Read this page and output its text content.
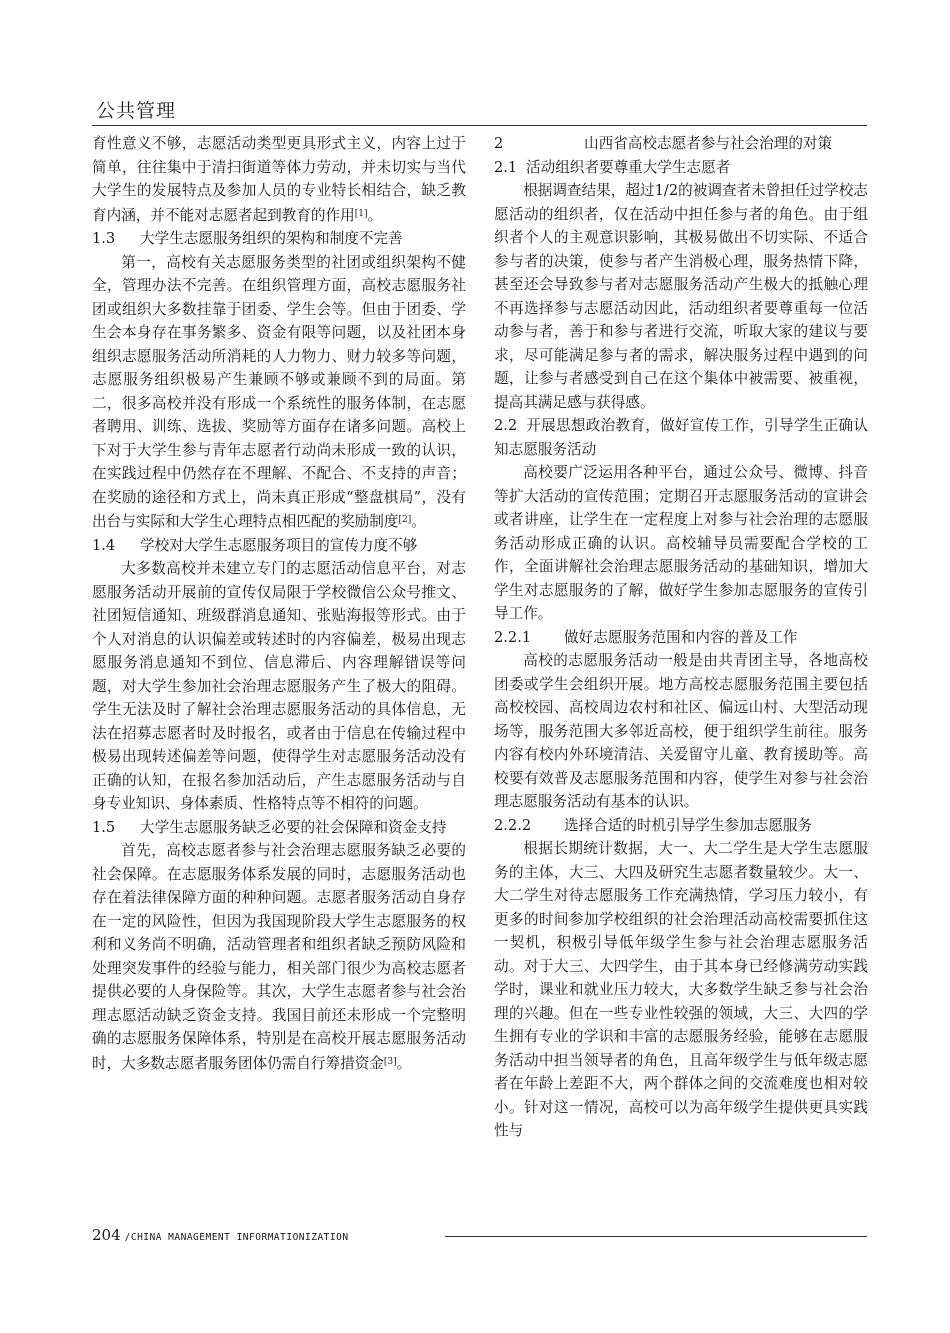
公共管理

育性意义不够，志愿活动类型更具形式主义，内容上过于简单，往往集中于清扫街道等体力劳动，并未切实与当代大学生的发展特点及参加人员的专业特长相结合，缺乏教育内涵，并不能对志愿者起到教育的作用[1]。

1.3 大学生志愿服务组织的架构和制度不完善

第一，高校有关志愿服务类型的社团或组织架构不健全，管理办法不完善。在组织管理方面，高校志愿服务社团或组织大多数挂靠于团委、学生会等。但由于团委、学生会本身存在事务繁多、资金有限等问题，以及社团本身组织志愿服务活动所消耗的人力物力、财力较多等问题，志愿服务组织极易产生兼顾不够或兼顾不到的局面。第二，很多高校并没有形成一个系统性的服务体制，在志愿者聘用、训练、选拔、奖励等方面存在诸多问题。高校上下对于大学生参与青年志愿者行动尚未形成一致的认识，在实践过程中仍然存在不理解、不配合、不支持的声音；在奖励的途径和方式上，尚未真正形成“整盘棋局”，没有出台与实际和大学生心理特点相匹配的奖励制度[2]。

1.4 学校对大学生志愿服务项目的宣传力度不够

大多数高校并未建立专门的志愿活动信息平台，对志愿服务活动开展前的宣传仅局限于学校微信公众号推文、社团短信通知、班级群消息通知、张贴海报等形式。由于个人对消息的认识偏差或转述时的内容偏差，极易出现志愿服务消息通知不到位、信息滞后、内容理解错误等问题，对大学生参加社会治理志愿服务产生了极大的阻碍。学生无法及时了解社会治理志愿服务活动的具体信息，无法在招募志愿者时及时报名，或者由于信息在传输过程中极易出现转述偏差等问题，使得学生对志愿服务活动没有正确的认知，在报名参加活动后，产生志愿服务活动与自身专业知识、身体素质、性格特点等不相符的问题。

1.5 大学生志愿服务缺乏必要的社会保障和资金支持

首先，高校志愿者参与社会治理志愿服务缺乏必要的社会保障。在志愿服务体系发展的同时，志愿服务活动也存在着法律保障方面的种种问题。志愿者服务活动自身存在一定的风险性，但因为我国现阶段大学生志愿服务的权利和义务尚不明确，活动管理者和组织者缺乏预防风险和处理突发事件的经验与能力，相关部门很少为高校志愿者提供必要的人身保险等。其次，大学生志愿者参与社会治理志愿活动缺乏资金支持。我国目前还未形成一个完整明确的志愿服务保障体系，特别是在高校开展志愿服务活动时，大多数志愿者服务团体仍需自行筹措资金[3]。

2	山西省高校志愿者参与社会治理的对策

2.1 活动组织者要尊重大学生志愿者

根据调查结果，超过1/2的被调查者未曾担任过学校志愿活动的组织者，仅在活动中担任参与者的角色。由于组织者个人的主观意识影响，其极易做出不切实际、不适合参与者的决策，使参与者产生消极心理，服务热情下降，甚至还会导致参与者对志愿服务活动产生极大的抵触心理不再选择参与志愿活动因此，活动组织者要尊重每一位活动参与者，善于和参与者进行交流，听取大家的建议与要求，尽可能满足参与者的需求，解决服务过程中遇到的问题，让参与者感受到自己在这个集体中被需要、被重视，提高其满足感与获得感。

2.2 开展思想政治教育，做好宣传工作，引导学生正确认知志愿服务活动

高校要广泛运用各种平台，通过公众号、微博、抖音等扩大活动的宣传范围；定期召开志愿服务活动的宣讲会或者讲座，让学生在一定程度上对参与社会治理的志愿服务活动形成正确的认识。高校辅导员需要配合学校的工作，全面讲解社会治理志愿服务活动的基础知识，增加大学生对志愿服务的了解，做好学生参加志愿服务的宣传引导工作。

2.2.1 做好志愿服务范围和内容的普及工作

高校的志愿服务活动一般是由共青团主导，各地高校团委或学生会组织开展。地方高校志愿服务范围主要包括高校校园、高校周边农村和社区、偏远山村、大型活动现场等，服务范围大多邻近高校，便于组织学生前往。服务内容有校内外环境清洁、关爱留守儿童、教育援助等。高校要有效普及志愿服务范围和内容，使学生对参与社会治理志愿服务活动有基本的认识。

2.2.2 选择合适的时机引导学生参加志愿服务

根据长期统计数据，大一、大二学生是大学生志愿服务的主体，大三、大四及研究生志愿者数量较少。大一、大二学生对待志愿服务工作充满热情，学习压力较小，有更多的时间参加学校组织的社会治理活动高校需要抓住这一契机，积极引导低年级学生参与社会治理志愿服务活动。对于大三、大四学生，由于其本身已经修满劳动实践学时，课业和就业压力较大，大多数学生缺乏参与社会治理的兴趣。但在一些专业性较强的领域，大三、大四的学生拥有专业的学识和丰富的志愿服务经验，能够在志愿服务活动中担当领导者的角色，且高年级学生与低年级志愿者在年龄上差距不大，两个群体之间的交流难度也相对较小。针对这一情况，高校可以为高年级学生提供更具实践性与

204 /CHINA MANAGEMENT INFORMATIONIZATION
